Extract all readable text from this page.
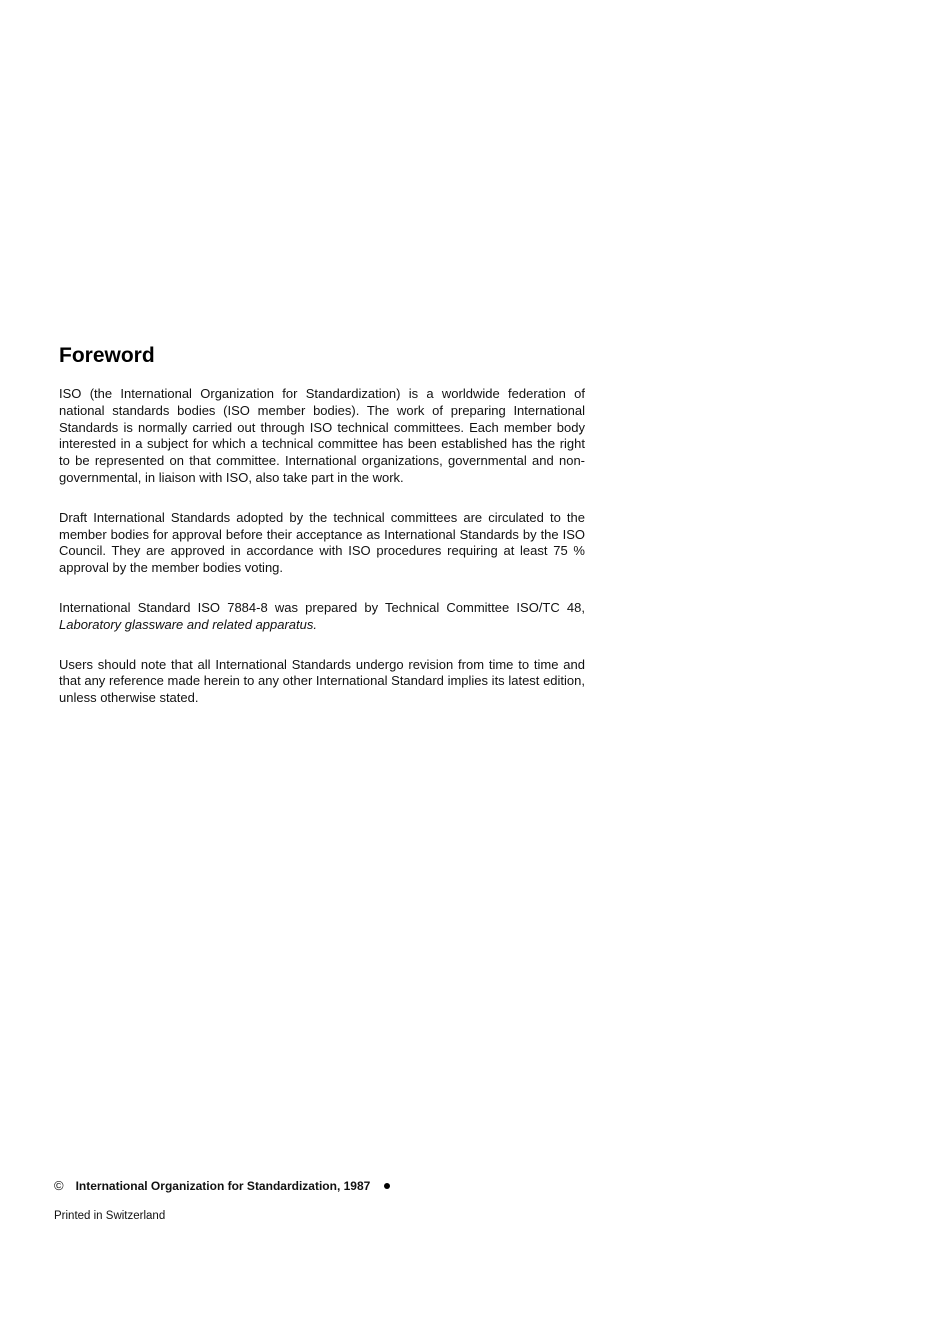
Foreword

ISO (the International Organization for Standardization) is a worldwide federation of national standards bodies (ISO member bodies). The work of preparing International Standards is normally carried out through ISO technical committees. Each member body interested in a subject for which a technical committee has been established has the right to be represented on that committee. International organizations, governmental and non-governmental, in liaison with ISO, also take part in the work.

Draft International Standards adopted by the technical committees are circulated to the member bodies for approval before their acceptance as International Standards by the ISO Council. They are approved in accordance with ISO procedures requiring at least 75 % approval by the member bodies voting.

International Standard ISO 7884-8 was prepared by Technical Committee ISO/TC 48, Laboratory glassware and related apparatus.

Users should note that all International Standards undergo revision from time to time and that any reference made herein to any other International Standard implies its latest edition, unless otherwise stated.

© International Organization for Standardization, 1987
Printed in Switzerland
